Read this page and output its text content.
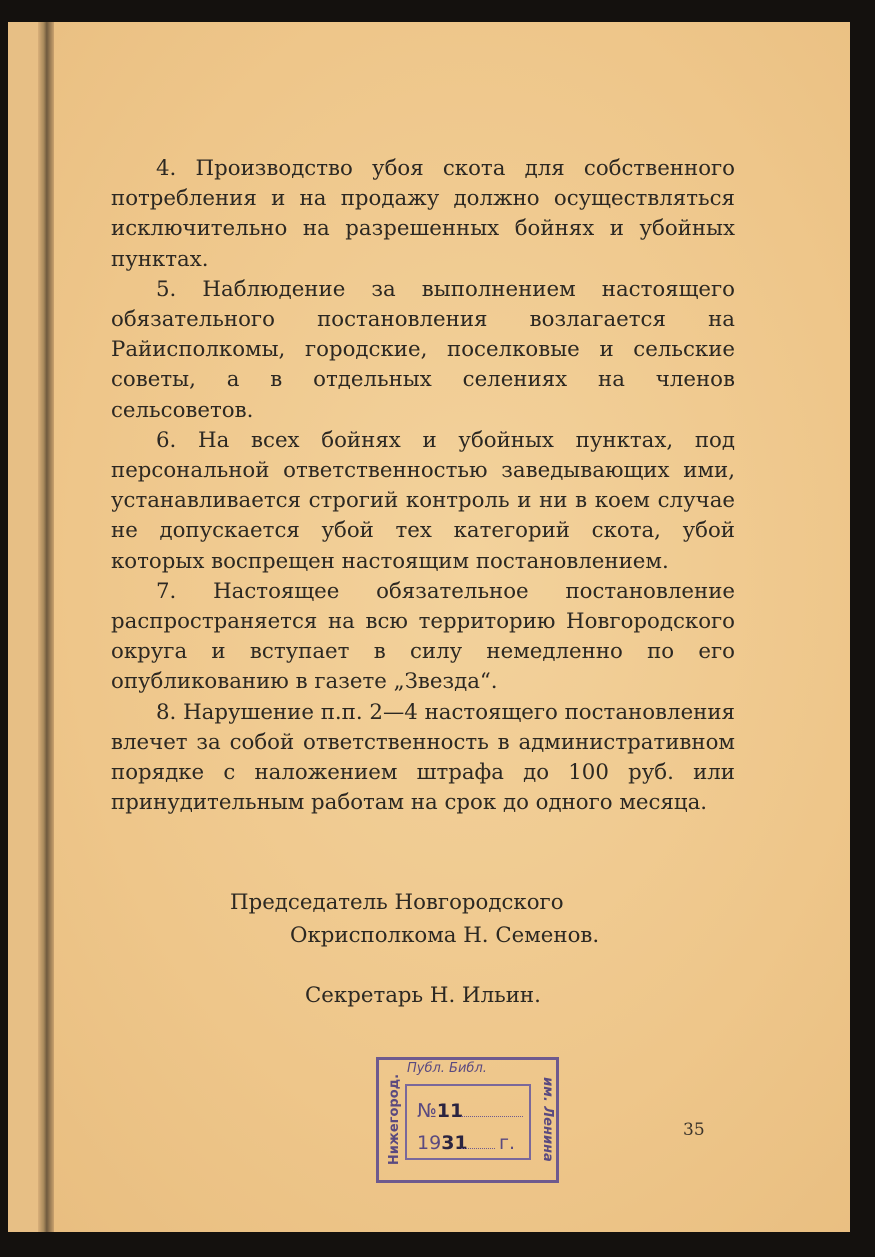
4. Производство убоя скота для собственного потребления и на продажу должно осуществляться исключительно на разрешенных бойнях и убойных пунктах.

5. Наблюдение за выполнением настоящего обязательного постановления возлагается на Райисполкомы, городские, поселковые и сельские советы, а в отдельных селениях на членов сельсоветов.

6. На всех бойнях и убойных пунктах, под персональной ответственностью заведывающих ими, устанавливается строгий контроль и ни в коем случае не допускается убой тех категорий скота, убой которых воспрещен настоящим постановлением.

7. Настоящее обязательное постановление распространяется на всю территорию Новгородского округа и вступает в силу немедленно по его опубликованию в газете „Звезда“.

8. Нарушение п.п. 2—4 настоящего постановления влечет за собой ответственность в административном порядке с наложением штрафа до 100 руб. или принудительным работам на срок до одного месяца.

Председатель Новгородского
Окрисполкома Н. Семенов.
Секретарь Н. Ильин.
Публ. Библ.
Нижегород.	им. Ленина
№11
1931 г.
35
